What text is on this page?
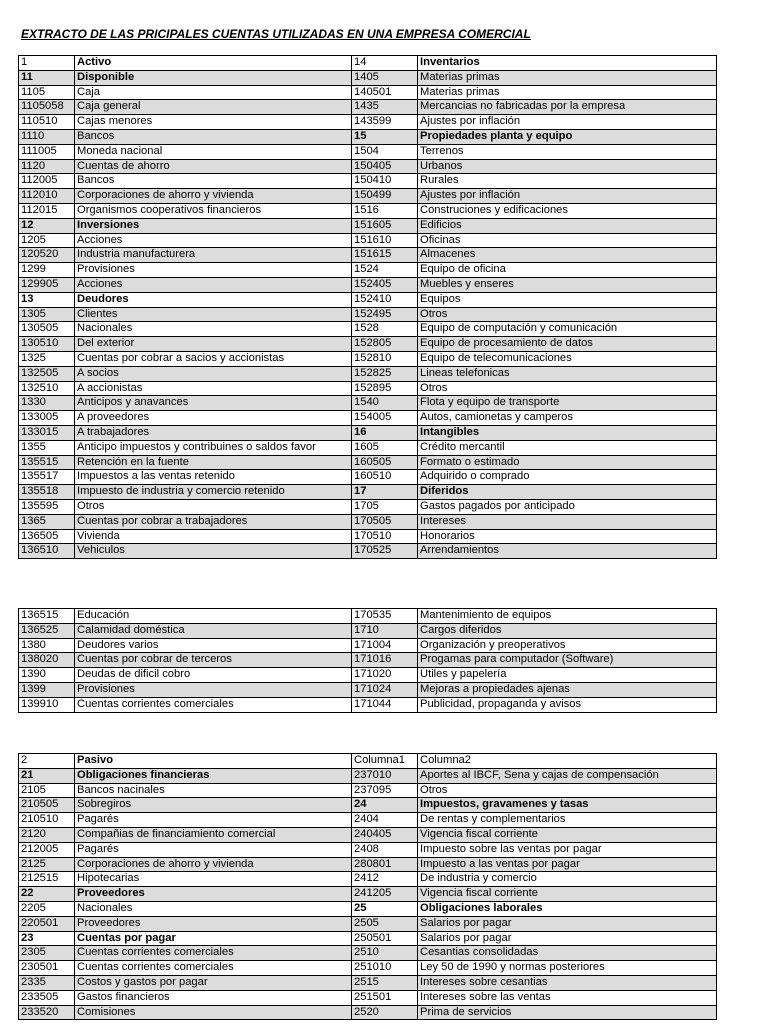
EXTRACTO DE LAS PRICIPALES CUENTAS UTILIZADAS EN UNA EMPRESA COMERCIAL
1	Activo	14	Inventarios
11	Disponible	1405	Materias primas
1105	Caja	140501	Materias primas
1105058	Caja general	1435	Mercancias no fabricadas por la empresa
110510	Cajas menores	143599	Ajustes por inflación
1110	Bancos	15	Propiedades planta y equipo
111005	Moneda nacional	1504	Terrenos
1120	Cuentas de ahorro	150405	Urbanos
112005	Bancos	150410	Rurales
112010	Corporaciones de ahorro y vivienda	150499	Ajustes por inflación
112015	Organismos cooperativos financieros	1516	Construciones y edificaciones
12	Inversiones	151605	Edificios
1205	Acciones	151610	Oficinas
120520	Industria manufacturera	151615	Almacenes
1299	Provisiones	1524	Equipo de oficina
129905	Acciones	152405	Muebles y enseres
13	Deudores	152410	Equipos
1305	Clientes	152495	Otros
130505	Nacionales	1528	Equipo de computación y comunicación
130510	Del exterior	152805	Equipo de procesamiento de datos
1325	Cuentas por cobrar a sacios y accionistas	152810	Equipo de telecomunicaciones
132505	A socios	152825	Lineas telefonicas
132510	A accionistas	152895	Otros
1330	Anticipos y anavances	1540	Flota y equipo de transporte
133005	A proveedores	154005	Autos, camionetas y camperos
133015	A trabajadores	16	Intangibles
1355	Anticipo impuestos y contribuines o saldos favor	1605	Crédito mercantil
135515	Retención en la fuente	160505	Formato o estimado
135517	Impuestos a las ventas retenido	160510	Adquirido o comprado
135518	Impuesto de industria y comercio retenido	17	Diferidos
135595	Otros	1705	Gastos pagados por anticipado
1365	Cuentas por cobrar a trabajadores	170505	Intereses
136505	Vivienda	170510	Honorarios
136510	Vehiculos	170525	Arrendamientos
136515	Educación	170535	Mantenimiento de equipos
136525	Calamidad doméstica	1710	Cargos diferidos
1380	Deudores varios	171004	Organización y preoperativos
138020	Cuentas por cobrar de terceros	171016	Progamas para computador (Software)
1390	Deudas de dificil cobro	171020	Útiles y papelería
1399	Provisiones	171024	Mejoras a propiedades ajenas
139910	Cuentas corrientes comerciales	171044	Publicidad, propaganda y avisos
2	Pasivo	Columna1	Columna2
21	Obligaciones financieras	237010	Aportes al IBCF, Sena y cajas de compensación
2105	Bancos nacinales	237095	Otros
210505	Sobregiros	24	Impuestos, gravamenes y tasas
210510	Pagarés	2404	De rentas y complementarios
2120	Compañias de financiamiento comercial	240405	Vigencia fiscal corriente
212005	Pagarés	2408	Impuesto sobre las ventas por pagar
2125	Corporaciones de ahorro y vivienda	280801	Impuesto a las ventas por pagar
212515	Hipotecarias	2412	De industria y comercio
22	Proveedores	241205	Vigencia fiscal corriente
2205	Nacionales	25	Obligaciones laborales
220501	Proveedores	2505	Salarios por pagar
23	Cuentas por pagar	250501	Salarios por pagar
2305	Cuentas corrientes comerciales	2510	Cesantias consolidadas
230501	Cuentas corrientes comerciales	251010	Ley 50 de 1990 y normas posteriores
2335	Costos y gastos por pagar	2515	Intereses sobre cesantias
233505	Gastos financieros	251501	Intereses sobre las ventas
233520	Comisiones	2520	Prima de servicios
